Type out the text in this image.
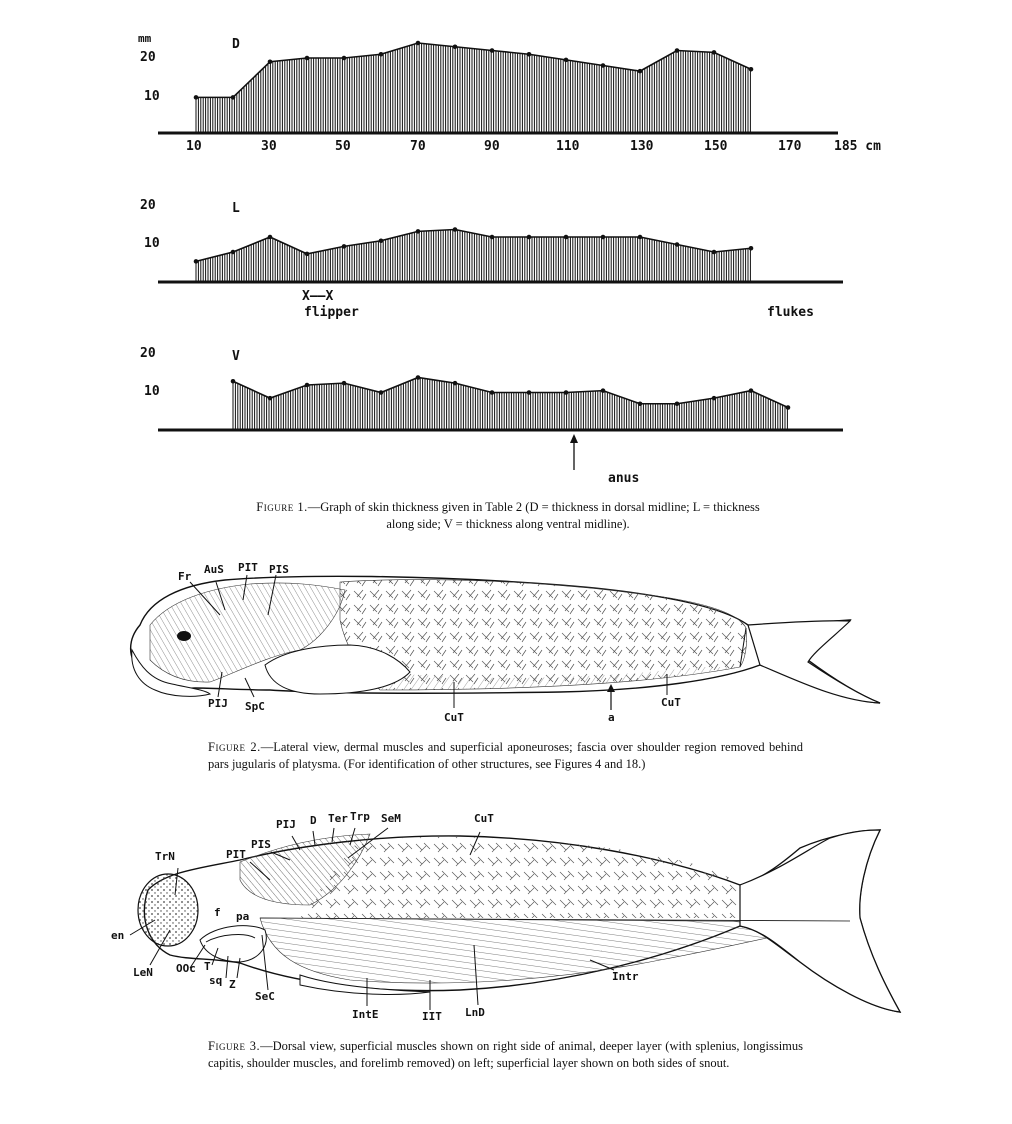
mm
20
10
D
10	30	50	70	90	110	130	150	170	185 cm
20
10
L
X——X
flipper	flukes
20
10
V
anus
Figure 1.—Graph of skin thickness given in Table 2 (D = thickness in dorsal midline; L = thickness along side; V = thickness along ventral midline).
Fr
AuS PIT PIS
PIJ SpC
CuT	a
CuT
Figure 2.—Lateral view, dermal muscles and superficial aponeuroses; fascia over shoulder region removed behind pars jugularis of platysma. (For identification of other structures, see Figures 4 and 18.)
PIJ D Ter Trp SeM	CuT
TrN	PIT
PIS
f pa
en
LeN OOc T
sq Z
SeC
IntE	IIT LnD
Intr
Figure 3.—Dorsal view, superficial muscles shown on right side of animal, deeper layer (with splenius, longissimus capitis, shoulder muscles, and forelimb removed) on left; superficial layer shown on both sides of snout.
